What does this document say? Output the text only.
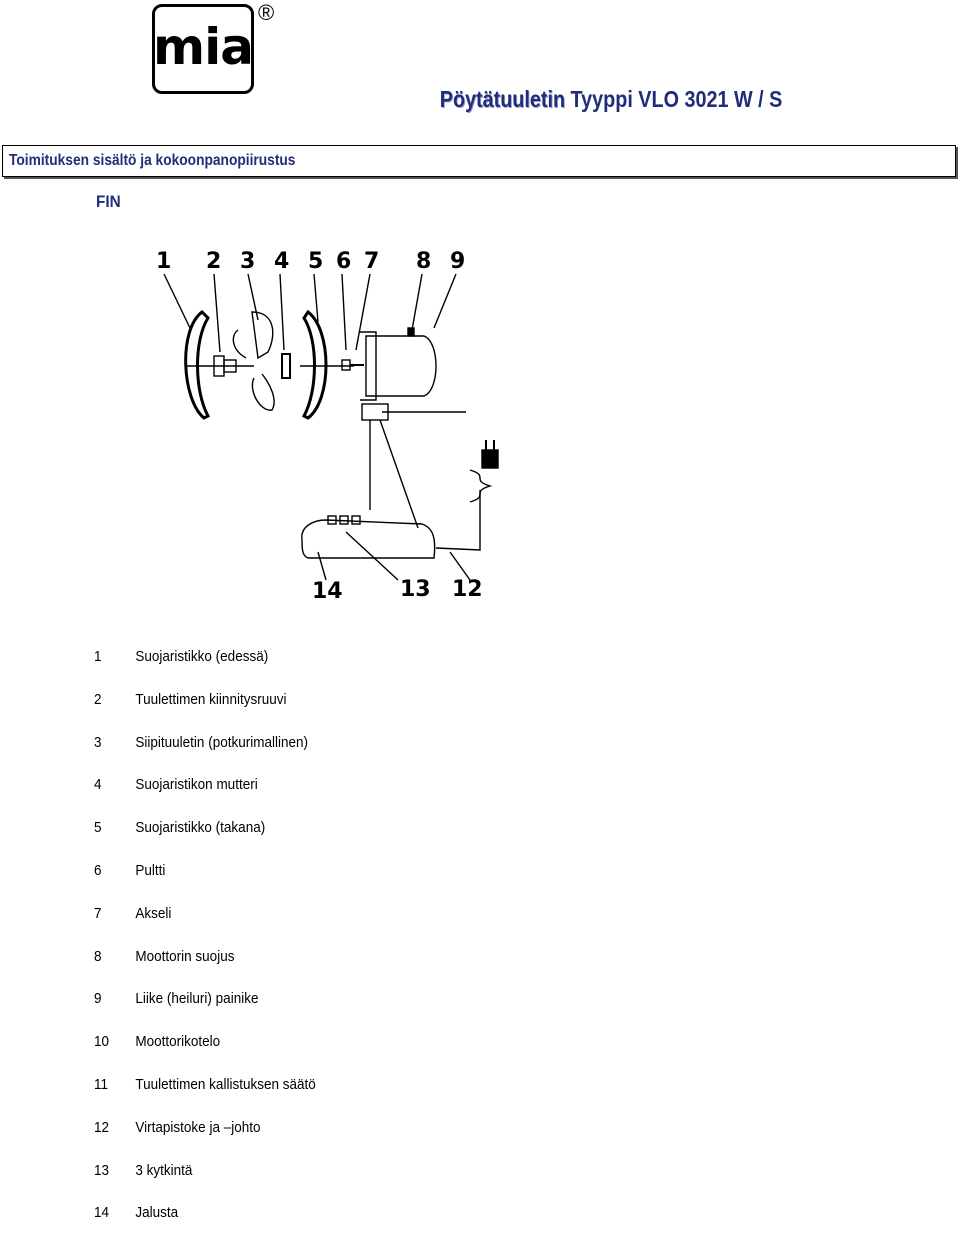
mia
®
Pöytätuuletin Tyyppi VLO 3021 W / S
Toimituksen sisältö ja kokoonpanopiirustus
FIN
1 2 3 4 5 6 7 8 9
14	13 12
1	Suojaristikko (edessä)
2	Tuulettimen kiinnitysruuvi
3	Siipituuletin (potkurimallinen)
4	Suojaristikon mutteri
5	Suojaristikko (takana)
6	Pultti
7	Akseli
8	Moottorin suojus
9	Liike (heiluri) painike
10	Moottorikotelo
11	Tuulettimen kallistuksen säätö
12	Virtapistoke ja –johto
13	3 kytkintä
14	Jalusta
